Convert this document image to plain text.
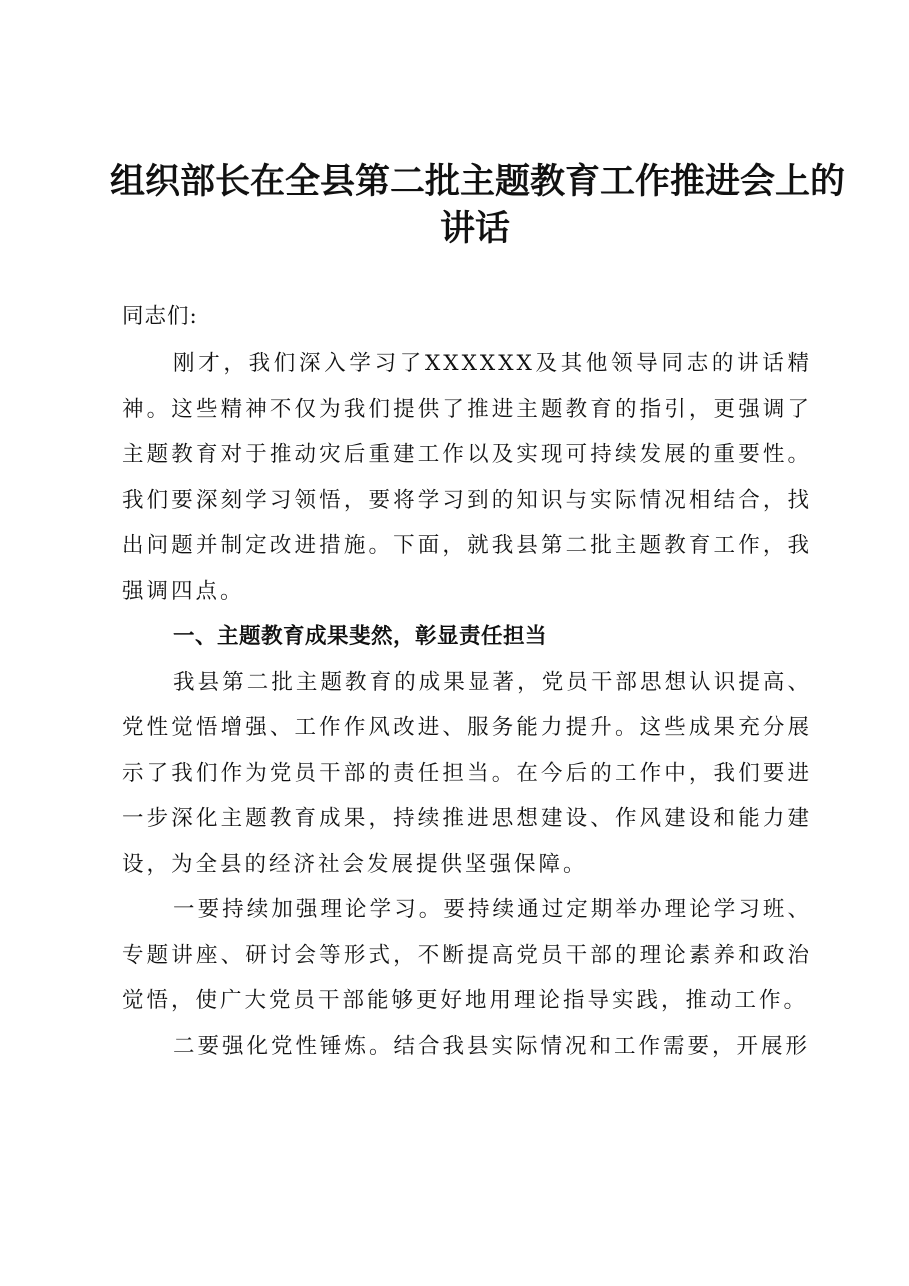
组织部长在全县第二批主题教育工作推进会上的
讲话

同志们:

刚才，我们深入学习了XXXXXX及其他领导同志的讲话精神。这些精神不仅为我们提供了推进主题教育的指引，更强调了主题教育对于推动灾后重建工作以及实现可持续发展的重要性。我们要深刻学习领悟，要将学习到的知识与实际情况相结合，找出问题并制定改进措施。下面，就我县第二批主题教育工作，我强调四点。

一、主题教育成果斐然，彰显责任担当

我县第二批主题教育的成果显著，党员干部思想认识提高、党性觉悟增强、工作作风改进、服务能力提升。这些成果充分展示了我们作为党员干部的责任担当。在今后的工作中，我们要进一步深化主题教育成果，持续推进思想建设、作风建设和能力建设，为全县的经济社会发展提供坚强保障。

一要持续加强理论学习。要持续通过定期举办理论学习班、专题讲座、研讨会等形式，不断提高党员干部的理论素养和政治觉悟，使广大党员干部能够更好地用理论指导实践，推动工作。

二要强化党性锤炼。结合我县实际情况和工作需要，开展形
